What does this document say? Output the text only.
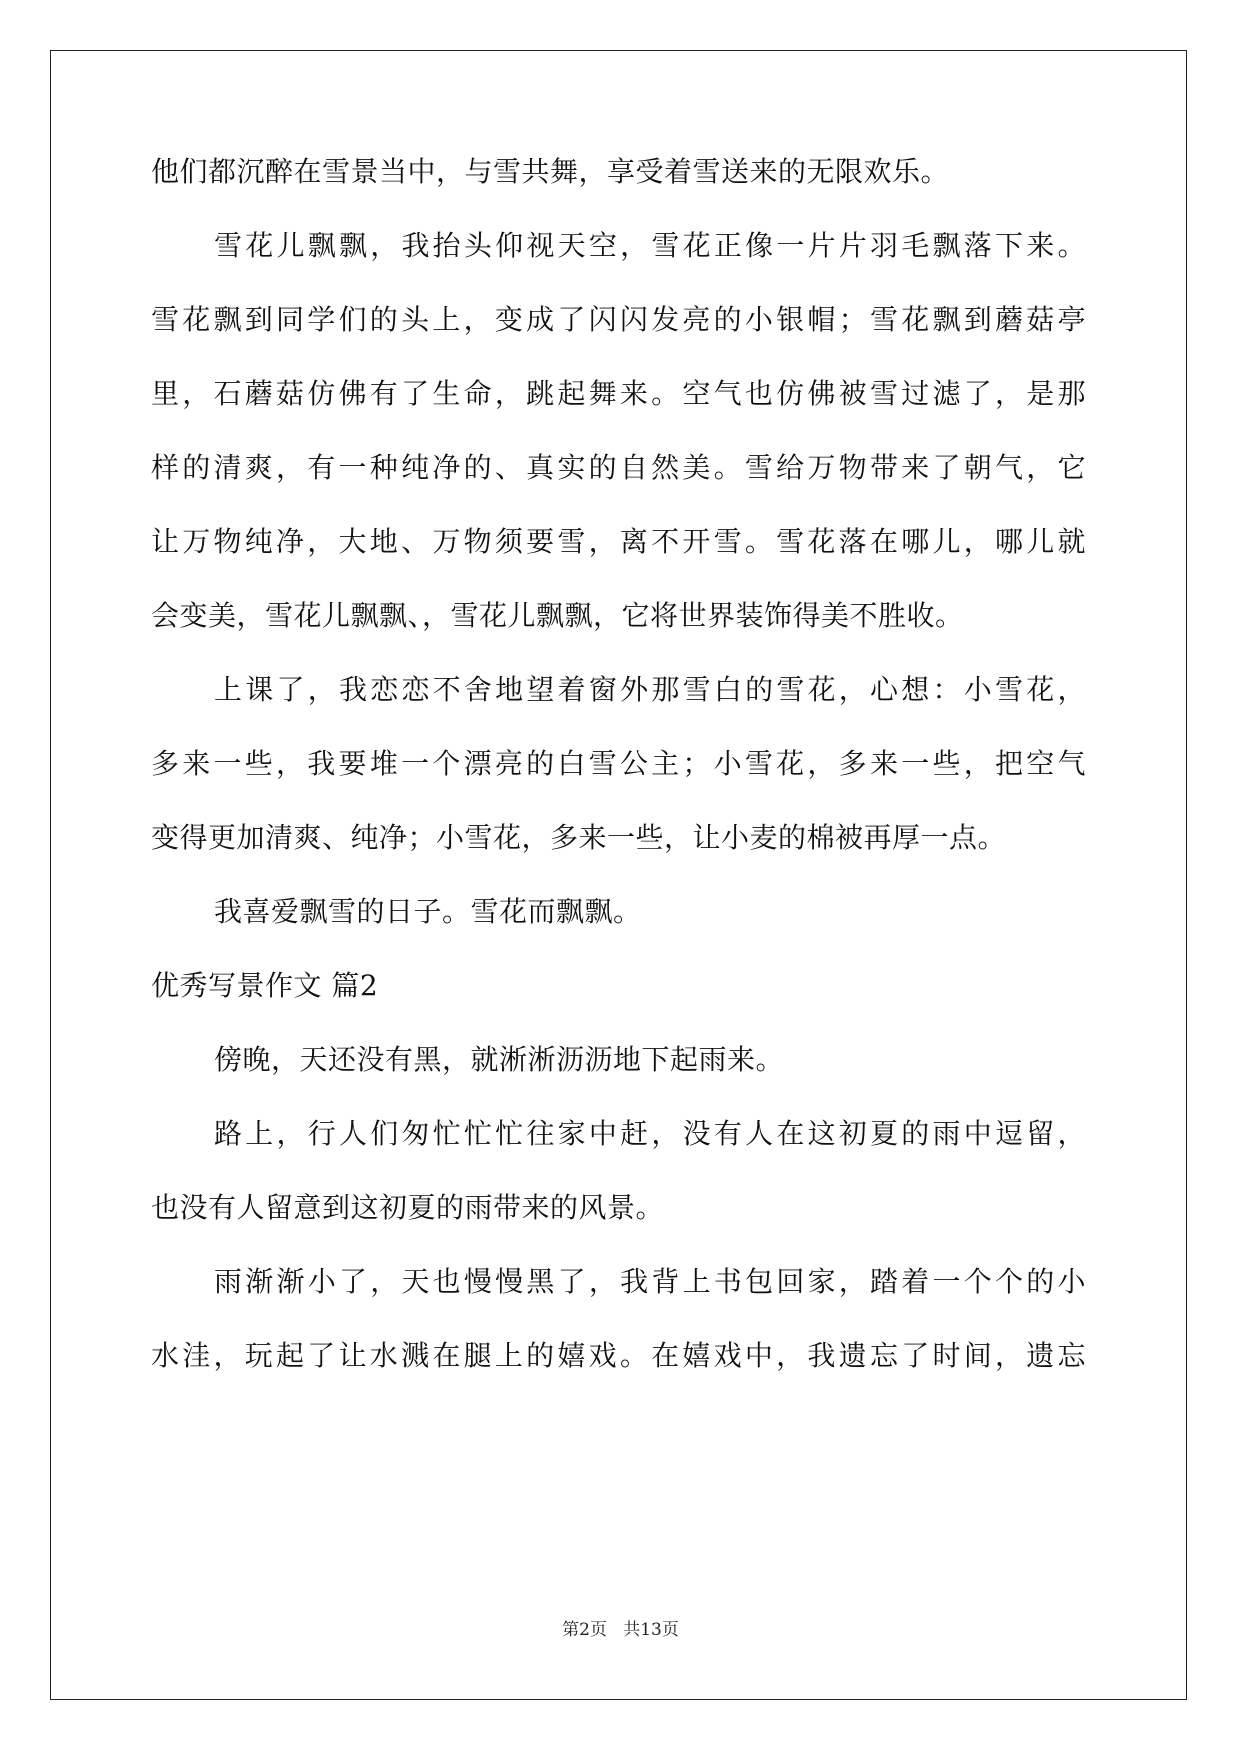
他们都沉醉在雪景当中，与雪共舞，享受着雪送来的无限欢乐。

雪花儿飘飘，我抬头仰视天空，雪花正像一片片羽毛飘落下来。

雪花飘到同学们的头上，变成了闪闪发亮的小银帽；雪花飘到蘑菇亭

里，石蘑菇仿佛有了生命，跳起舞来。空气也仿佛被雪过滤了，是那

样的清爽，有一种纯净的、真实的自然美。雪给万物带来了朝气，它

让万物纯净，大地、万物须要雪，离不开雪。雪花落在哪儿，哪儿就

会变美，雪花儿飘飘、，雪花儿飘飘，它将世界装饰得美不胜收。

上课了，我恋恋不舍地望着窗外那雪白的雪花，心想：小雪花，

多来一些，我要堆一个漂亮的白雪公主；小雪花，多来一些，把空气

变得更加清爽、纯净；小雪花，多来一些，让小麦的棉被再厚一点。

我喜爱飘雪的日子。雪花而飘飘。

优秀写景作文 篇2

傍晚，天还没有黑，就淅淅沥沥地下起雨来。

路上，行人们匆忙忙忙往家中赶，没有人在这初夏的雨中逗留，

也没有人留意到这初夏的雨带来的风景。

雨渐渐小了，天也慢慢黑了，我背上书包回家，踏着一个个的小

水洼，玩起了让水溅在腿上的嬉戏。在嬉戏中，我遗忘了时间，遗忘

第2页 共13页
